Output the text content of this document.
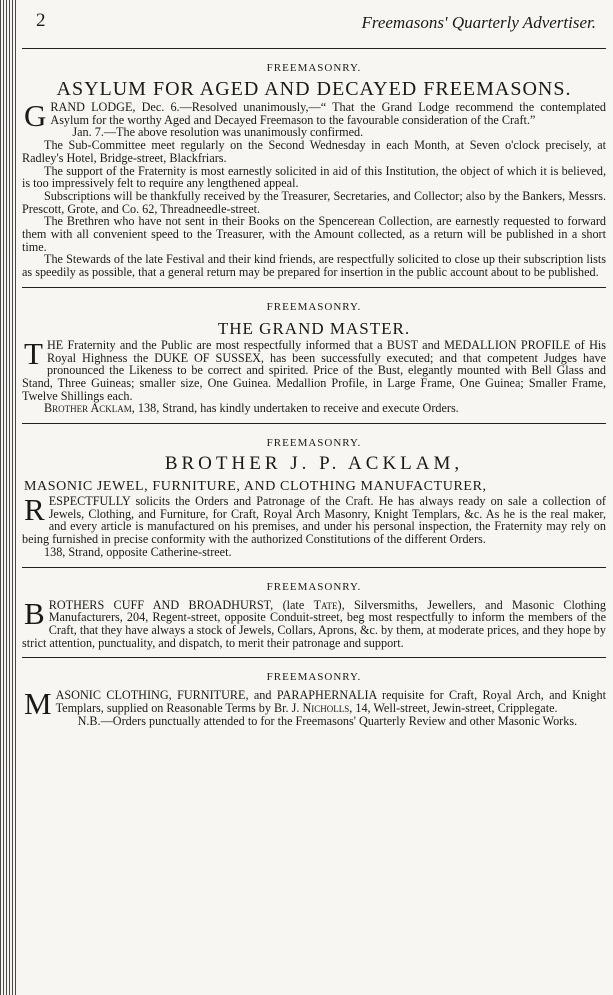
2	Freemasons' Quarterly Advertiser.
FREEMASONRY.
ASYLUM FOR AGED AND DECAYED FREEMASONS.

GRAND LODGE, Dec. 6.—Resolved unanimously,—“ That the Grand Lodge recommend the contemplated Asylum for the worthy Aged and Decayed Freemason to the favourable consideration of the Craft.”

Jan. 7.—The above resolution was unanimously confirmed.

The Sub-Committee meet regularly on the Second Wednesday in each Month, at Seven o'clock precisely, at Radley's Hotel, Bridge-street, Blackfriars.

The support of the Fraternity is most earnestly solicited in aid of this Institution, the object of which it is believed, is too impressively felt to require any lengthened appeal.

Subscriptions will be thankfully received by the Treasurer, Secretaries, and Collector; also by the Bankers, Messrs. Prescott, Grote, and Co. 62, Threadneedle-street.

The Brethren who have not sent in their Books on the Spencerean Collection, are earnestly requested to forward them with all convenient speed to the Treasurer, with the Amount collected, as a return will be published in a short time.

The Stewards of the late Festival and their kind friends, are respectfully solicited to close up their subscription lists as speedily as possible, that a general return may be prepared for insertion in the public account about to be published.

FREEMASONRY.
THE GRAND MASTER.

THE Fraternity and the Public are most respectfully informed that a BUST and MEDALLION PROFILE of His Royal Highness the DUKE OF SUSSEX, has been successfully executed; and that competent Judges have pronounced the Likeness to be correct and spirited. Price of the Bust, elegantly mounted with Bell Glass and Stand, Three Guineas; smaller size, One Guinea. Medallion Profile, in Large Frame, One Guinea; Smaller Frame, Twelve Shillings each.

Brother Acklam, 138, Strand, has kindly undertaken to receive and execute Orders.

FREEMASONRY.
BROTHER J. P. ACKLAM,
MASONIC JEWEL, FURNITURE, AND CLOTHING MANUFACTURER,

RESPECTFULLY solicits the Orders and Patronage of the Craft. He has always ready on sale a collection of Jewels, Clothing, and Furniture, for Craft, Royal Arch Masonry, Knight Templars, &c. As he is the real maker, and every article is manufactured on his premises, and under his personal inspection, the Fraternity may rely on being furnished in precise conformity with the authorized Constitutions of the different Orders.

138, Strand, opposite Catherine-street.

FREEMASONRY.

BROTHERS CUFF AND BROADHURST, (late Tate), Silversmiths, Jewellers, and Masonic Clothing Manufacturers, 204, Regent-street, opposite Conduit-street, beg most respectfully to inform the members of the Craft, that they have always a stock of Jewels, Collars, Aprons, &c. by them, at moderate prices, and they hope by strict attention, punctuality, and dispatch, to merit their patronage and support.

FREEMASONRY.

MASONIC CLOTHING, FURNITURE, and PARAPHERNALIA requisite for Craft, Royal Arch, and Knight Templars, supplied on Reasonable Terms by Br. J. Nicholls, 14, Well-street, Jewin-street, Cripplegate.

N.B.—Orders punctually attended to for the Freemasons' Quarterly Review and other Masonic Works.
